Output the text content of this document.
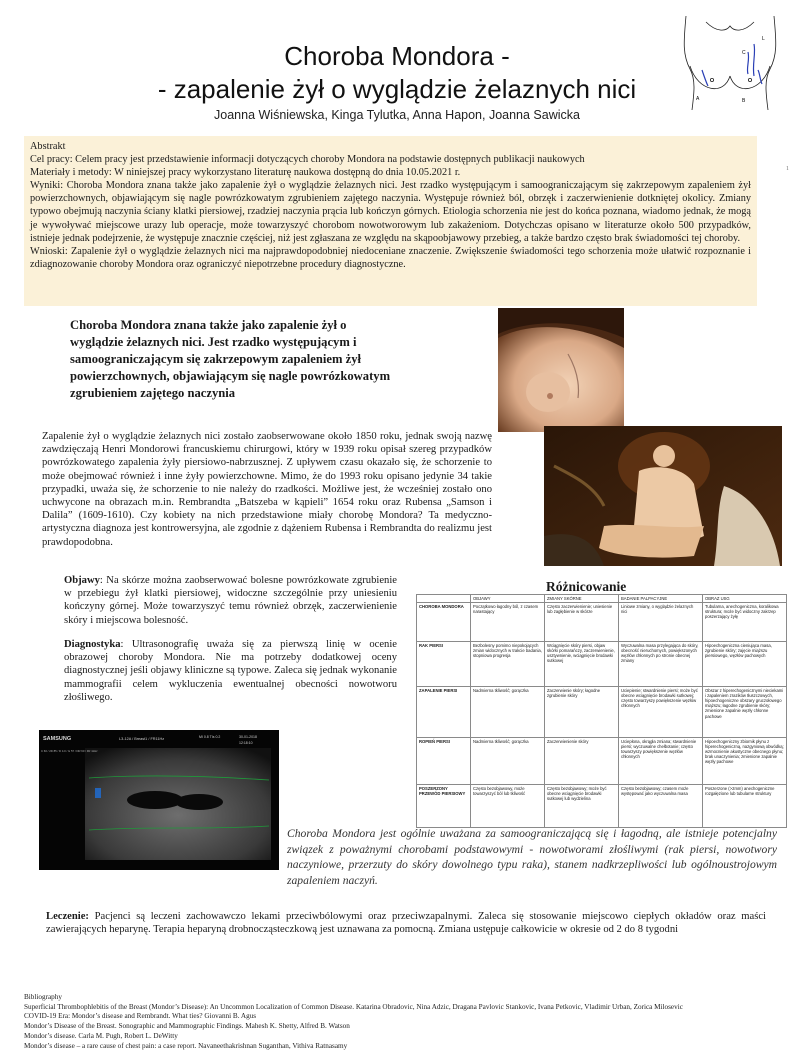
Choroba Mondora -
- zapalenie żył o wyglądzie żelaznych nici
Joanna Wiśniewska, Kinga Tylutka, Anna Hapon, Joanna Sawicka
A	B
C
L

Abstrakt

Cel pracy: Celem pracy jest przedstawienie informacji dotyczących choroby Mondora na podstawie dostępnych publikacji naukowych

Materiały i metody: W niniejszej pracy wykorzystano literaturę naukowa dostępną do dnia 10.05.2021 r.

Wyniki: Choroba Mondora znana także jako zapalenie żył o wyglądzie żelaznych nici. Jest rzadko występującym i samoograniczającym się zakrzepowym zapaleniem żył powierzchownych, objawiającym się nagle powrózkowatym zgrubieniem zajętego naczynia. Występuje również ból, obrzęk i zaczerwienienie dotkniętej okolicy. Zmiany typowo obejmują naczynia ściany klatki piersiowej, rzadziej naczynia prącia lub kończyn górnych. Etiologia schorzenia nie jest do końca poznana, wiadomo jednak, że mogą je wywoływać miejscowe urazy lub operacje, może towarzyszyć chorobom nowotworowym lub zakażeniom. Dotychczas opisano w literaturze około 500 przypadków, istnieje jednak podejrzenie, że występuje znacznie częściej, niż jest zgłaszana ze względu na skąpoobjawowy przebieg, a także bardzo często brak świadomości tej choroby.

Wnioski: Zapalenie żył o wyglądzie żelaznych nici ma najprawdopodobniej niedoceniane znaczenie. Zwiększenie świadomości tego schorzenia może ułatwić rozpoznanie i zdiagnozowanie choroby Mondora oraz ograniczyć niepotrzebne procedury diagnostyczne.

1
Choroba Mondora znana także jako zapalenie żył o wyglądzie żelaznych nici. Jest rzadko występującym i samoograniczającym się zakrzepowym zapaleniem żył powierzchownych, objawiającym się nagle powrózkowatym zgrubieniem zajętego naczynia
Zapalenie żył o wyglądzie żelaznych nici zostało zaobserwowane około 1850 roku, jednak swoją nazwę zawdzięczają Henri Mondorowi francuskiemu chirurgowi, który w 1939 roku opisał szereg przypadków powrózkowatego zapalenia żyły piersiowo-nabrzusznej. Z upływem czasu okazało się, że schorzenie to może obejmować również i inne żyły powierzchowne. Mimo, że do 1993 roku opisano jedynie 34 takie przypadki, uważa się, że schorzenie to nie należy do rzadkości. Możliwe jest, że wcześniej zostało ono uchwycone na obrazach m.in. Rembrandta „Batszeba w kąpieli” 1654 roku oraz Rubensa „Samson i Dalila” (1609-1610). Czy kobiety na nich przedstawione miały chorobę Mondora? Ta medyczno-artystyczna diagnoza jest kontrowersyjna, ale zgodnie z dążeniem Rubensa i Rembrandta do realizmu jest prawdopodobna.
Objawy: Na skórze można zaobserwować bolesne powrózkowate zgrubienie w przebiegu żył klatki piersiowej, widoczne szczególnie przy uniesieniu kończyny górnej. Może towarzyszyć temu również obrzęk, zaczerwienienie skóry i miejscowa bolesność.
Diagnostyka: Ultrasonografię uważa się za pierwszą linię w ocenie obrazowej choroby Mondora. Nie ma potrzeby dodatkowej oceny diagnostycznej jeśli objawy kliniczne są typowe. Zaleca się jednak wykonanie mammografii celem wykluczenia ewentualnej obecności nowotworu złośliwego.
SAMSUNG	L3-12A / Breast1 / FR11Hz	MI 0.8 TIs 0.2	30-01-2018
12:18:10
C 60 / 2D 85 / D 4.0 / G 57 / DR 60 / FR 11Hz
Różnicowanie
	OBJAWY	ZMIANY SKÓRNE	BADANIE PALPACYJNE	OBRAZ USG
CHOROBA MONDORA	Początkowo łagodny ból, z czasem narastający	Często zaczerwienienie; uniesienie lub zagłębienie w skórze	Liniowe zmiany, o wyglądzie żelaznych nici	Tubularna, anechogeniczna, koralikowa struktura; może być widoczny zakrzep poszerzający żyłę
RAK PIERSI	Bezbolesny pomimo niepokojących zmian widocznych w trakcie badania, stopniowa progresja	Wciągnięcie skóry piersi, objaw skórki pomarańczy, zaczerwienienie, usztywnienie, wciągnięcie brodawki sutkowej	Wyczuwalna masa przylegająca do skóry, obecność nieruchomych, powiększonych węzłów chłonnych po stronie obecnej zmiany	Hipoechogeniczna cieniująca masa, zgrubienie skóry; zajęcie miąższu piersiowego, węzłów pachowych
ZAPALENIE PIERSI	Nadmierna tkliwość; gorączka	Zaczerwienie skóry; łagodne zgrubienie skóry	Uciepienie; stwardnienie piersi; może być obecne wciągnięcie brodawki sutkowej; często towarzyszy powiększenie węzłów chłonnych	Obszar z hiperechogenicznymi nieciekami i zapaleniem zrazików tłuszczowych, hipoechogeniczne obszary gruczołowego miąższu; łagodne zgrubienie skóry; zmienione zapalnie węzły chłonne pachowe
ROPIEŃ PIERSI	Nadmierna tkliwość; gorączka	Zaczerwienienie skóry	Uciepłona, okrągła zmiana; stwardnienie piersi; wyczuwalne chełbotanie; często towarzyszy powiększenie węzłów chłonnych	Hipoechogeniczny zbiornik płynu z hiperechogeniczną, nazgyniową obwódką; wzmocnienie akustyczne obecnego płynu; brak unaczynienia; zmienione zapalnie węzły pachowe
POSZERZONY PRZEWÓD PIERSIOWY	Często bezobjawowy, może towarzyszyć ból lub tkliwość	Często bezobjawowy; może być obecne wciągnięcie brodawki sutkowej lub wydzielina	Często bezobjawowy; czasem może występować jako wyczuwalna masa	Poszerzone (>2mm) anechogeniczne rozgałęzione lub tubularne struktury
Choroba Mondora jest ogólnie uważana za samoograniczającą się i łagodną, ale istnieje potencjalny związek z poważnymi chorobami podstawowymi - nowotworami złośliwymi (rak piersi, nowotwory naczyniowe, przerzuty do skóry dowolnego typu raka), stanem nadkrzepliwości lub ogólnoustrojowym zapaleniem naczyń.
Leczenie: Pacjenci są leczeni zachowawczo lekami przeciwbólowymi oraz przeciwzapalnymi. Zaleca się stosowanie miejscowo ciepłych okładów oraz maści zawierających heparynę. Terapia heparyną drobnocząsteczkową jest uznawana za pomocną. Zmiana ustępuje całkowicie w okresie od 2 do 8 tygodni
Bibliography
Superficial Thrombophlebitis of the Breast (Mondor’s Disease): An Uncommon Localization of Common Disease. Katarina Obradovic, Nina Adzic, Dragana Pavlovic Stankovic, Ivana Petkovic, Vladimir Urban, Zorica Milosevic
COVID-19 Era: Mondor’s disease and Rembrandt. What ties? Giovanni B. Agus
Mondor’s Disease of the Breast. Sonographic and Mammographic Findings. Mahesh K. Shetty, Alfred B. Watson
Mondor’s disease. Carla M. Pugh, Robert L. DeWitty
Mondor’s disease – a rare cause of chest pain: a case report. Navaneethakrishnan Suganthan, Vithiva Ratnasamy
